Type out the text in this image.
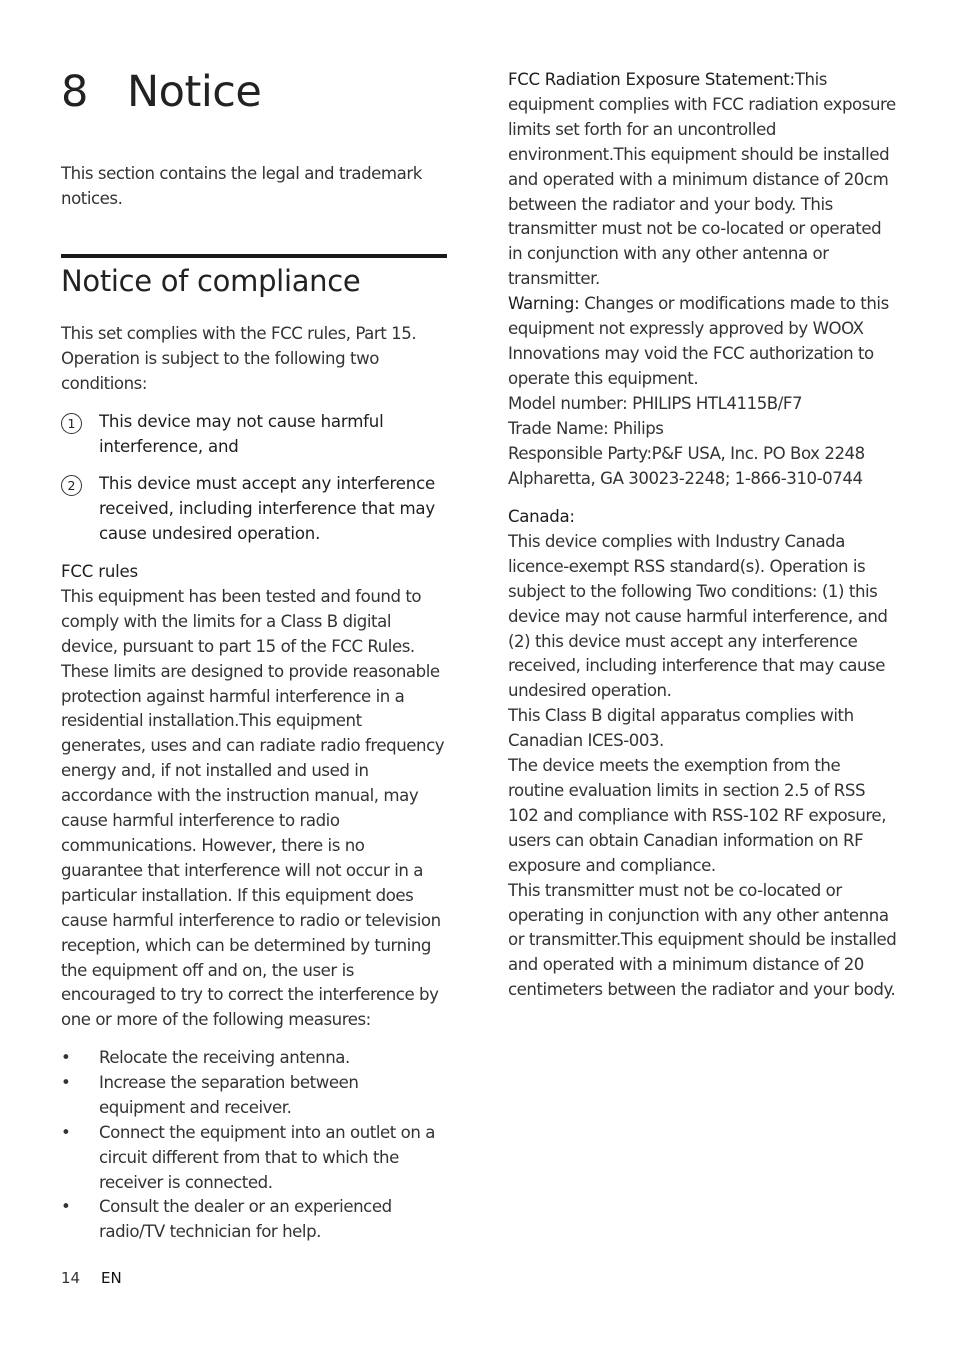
8 Notice

This section contains the legal and trademark notices.

Notice of compliance

This set complies with the FCC rules, Part 15. Operation is subject to the following two conditions:

1	This device may not cause harmful interference, and
2	This device must accept any interference received, including interference that may cause undesired operation.
FCC rules
This equipment has been tested and found to comply with the limits for a Class B digital device, pursuant to part 15 of the FCC Rules. These limits are designed to provide reasonable protection against harmful interference in a residential installation.This equipment generates, uses and can radiate radio frequency energy and, if not installed and used in accordance with the instruction manual, may cause harmful interference to radio communications. However, there is no guarantee that interference will not occur in a particular installation. If this equipment does cause harmful interference to radio or television reception, which can be determined by turning the equipment off and on, the user is encouraged to try to correct the interference by one or more of the following measures:
• Relocate the receiving antenna.
• Increase the separation between equipment and receiver.
• Connect the equipment into an outlet on a circuit different from that to which the receiver is connected.
• Consult the dealer or an experienced radio/TV technician for help.
FCC Radiation Exposure Statement:This equipment complies with FCC radiation exposure limits set forth for an uncontrolled environment.This equipment should be installed and operated with a minimum distance of 20cm between the radiator and your body. This transmitter must not be co-located or operated in conjunction with any other antenna or transmitter.
Warning: Changes or modifications made to this equipment not expressly approved by WOOX Innovations may void the FCC authorization to operate this equipment.
Model number: PHILIPS HTL4115B/F7
Trade Name: Philips
Responsible Party:P&F USA, Inc. PO Box 2248 Alpharetta, GA 30023-2248; 1-866-310-0744
Canada:
This device complies with Industry Canada licence-exempt RSS standard(s). Operation is subject to the following Two conditions: (1) this device may not cause harmful interference, and (2) this device must accept any interference received, including interference that may cause undesired operation.
This Class B digital apparatus complies with Canadian ICES-003.
The device meets the exemption from the routine evaluation limits in section 2.5 of RSS 102 and compliance with RSS-102 RF exposure, users can obtain Canadian information on RF exposure and compliance.
This transmitter must not be co-located or operating in conjunction with any other antenna or transmitter.This equipment should be installed and operated with a minimum distance of 20 centimeters between the radiator and your body.
14 EN
